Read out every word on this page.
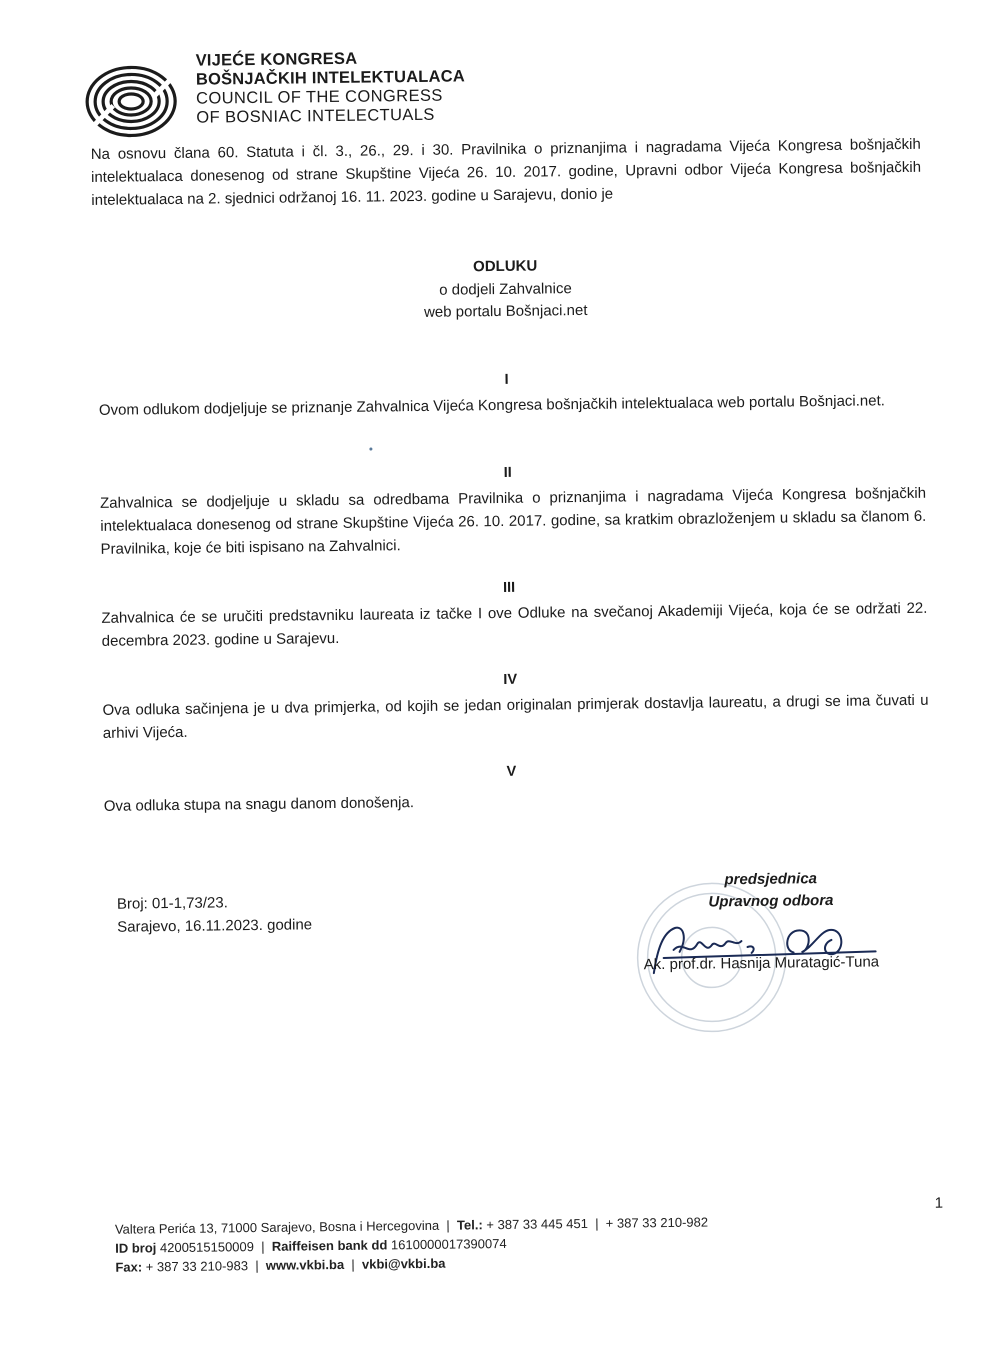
VIJEĆE KONGRESA
BOŠNJAČKIH INTELEKTUALACA
COUNCIL OF THE CONGRESS
OF BOSNIAC INTELECTUALS
Na osnovu člana 60. Statuta i čl. 3., 26., 29. i 30. Pravilnika o priznanjima i nagradama Vijeća Kongresa bošnjačkih intelektualaca donesenog od strane Skupštine Vijeća 26. 10. 2017. godine, Upravni odbor Vijeća Kongresa bošnjačkih intelektualaca na 2. sjednici održanoj 16. 11. 2023. godine u Sarajevu, donio je
ODLUKU
o dodjeli Zahvalnice
web portalu Bošnjaci.net
I
Ovom odlukom dodjeljuje se priznanje Zahvalnica Vijeća Kongresa bošnjačkih intelektualaca web portalu Bošnjaci.net.
II
Zahvalnica se dodjeljuje u skladu sa odredbama Pravilnika o priznanjima i nagradama Vijeća Kongresa bošnjačkih intelektualaca donesenog od strane Skupštine Vijeća 26. 10. 2017. godine, sa kratkim obrazloženjem u skladu sa članom 6. Pravilnika, koje će biti ispisano na Zahvalnici.
III
Zahvalnica će se uručiti predstavniku laureata iz tačke I ove Odluke na svečanoj Akademiji Vijeća, koja će se održati 22. decembra 2023. godine u Sarajevu.
IV
Ova odluka sačinjena je u dva primjerka, od kojih se jedan originalan primjerak dostavlja laureatu, a drugi se ima čuvati u arhivi Vijeća.
V
Ova odluka stupa na snagu danom donošenja.
Broj: 01-1,73/23.
Sarajevo, 16.11.2023. godine
predsjednica
Upravnog odbora
Ak. prof.dr. Hasnija Muratagić-Tuna
1
Valtera Perića 13, 71000 Sarajevo, Bosna i Hercegovina  |  Tel.: + 387 33 445 451  |  + 387 33 210-982
ID broj 4200515150009  |  Raiffeisen bank dd 1610000017390074
Fax: + 387 33 210-983  |  www.vkbi.ba  |  vkbi@vkbi.ba
